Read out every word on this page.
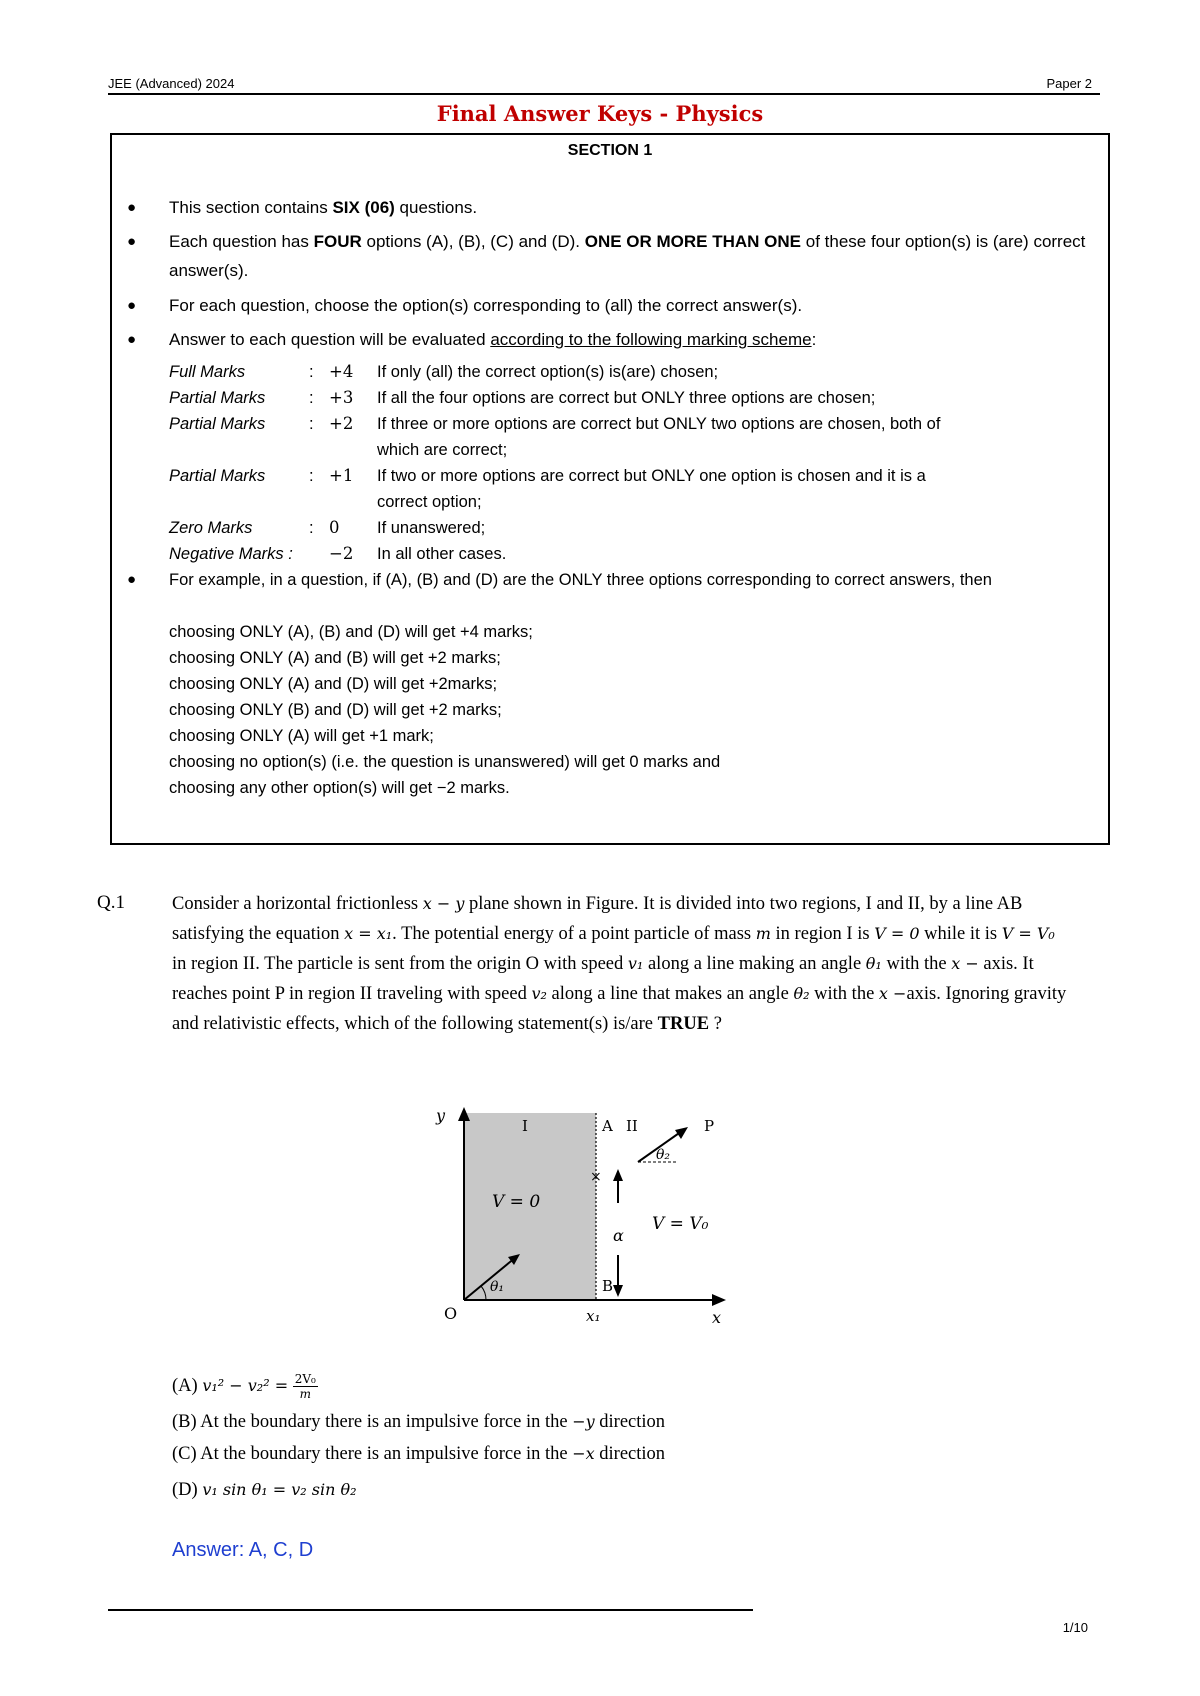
JEE (Advanced) 2024	Paper 2
Final Answer Keys - Physics
SECTION 1
● This section contains SIX (06) questions.
● Each question has FOUR options (A), (B), (C) and (D). ONE OR MORE THAN ONE of these four option(s) is (are) correct answer(s).
● For each question, choose the option(s) corresponding to (all) the correct answer(s).
● Answer to each question will be evaluated according to the following marking scheme:
Full Marks	: +4 If only (all) the correct option(s) is(are) chosen;
Partial Marks	: +3 If all the four options are correct but ONLY three options are chosen;
Partial Marks	: +2 If three or more options are correct but ONLY two options are chosen, both of
which are correct;
Partial Marks	: +1 If two or more options are correct but ONLY one option is chosen and it is a
correct option;
Zero Marks	: 0 If unanswered;
Negative Marks : −2 In all other cases.
● For example, in a question, if (A), (B) and (D) are the ONLY three options corresponding to correct answers, then
choosing ONLY (A), (B) and (D) will get +4 marks;
choosing ONLY (A) and (B) will get +2 marks;
choosing ONLY (A) and (D) will get +2marks;
choosing ONLY (B) and (D) will get +2 marks;
choosing ONLY (A) will get +1 mark;
choosing no option(s) (i.e. the question is unanswered) will get 0 marks and
choosing any other option(s) will get −2 marks.
Q.1	Consider a horizontal frictionless x − y plane shown in Figure. It is divided into two regions, I and II, by a line AB satisfying the equation x = x₁. The potential energy of a point particle of mass m in region I is V = 0 while it is V = V₀ in region II. The particle is sent from the origin O with speed v₁ along a line making an angle θ₁ with the x − axis. It reaches point P in region II traveling with speed v₂ along a line that makes an angle θ₂ with the x −axis. Ignoring gravity and relativistic effects, which of the following statement(s) is/are TRUE ?
y
x
O
I	II
A
B
P
V = 0
V = V₀
θ₁
θ₂
×
α
x₁
(A) $v_1^2 - v_2^2 = \frac{\text{2V₀}}{m}$
(B) At the boundary there is an impulsive force in the −y direction
(C) At the boundary there is an impulsive force in the −x direction
(D) v₁ sin θ₁ = v₂ sin θ₂
Answer: A, C, D
1/10
